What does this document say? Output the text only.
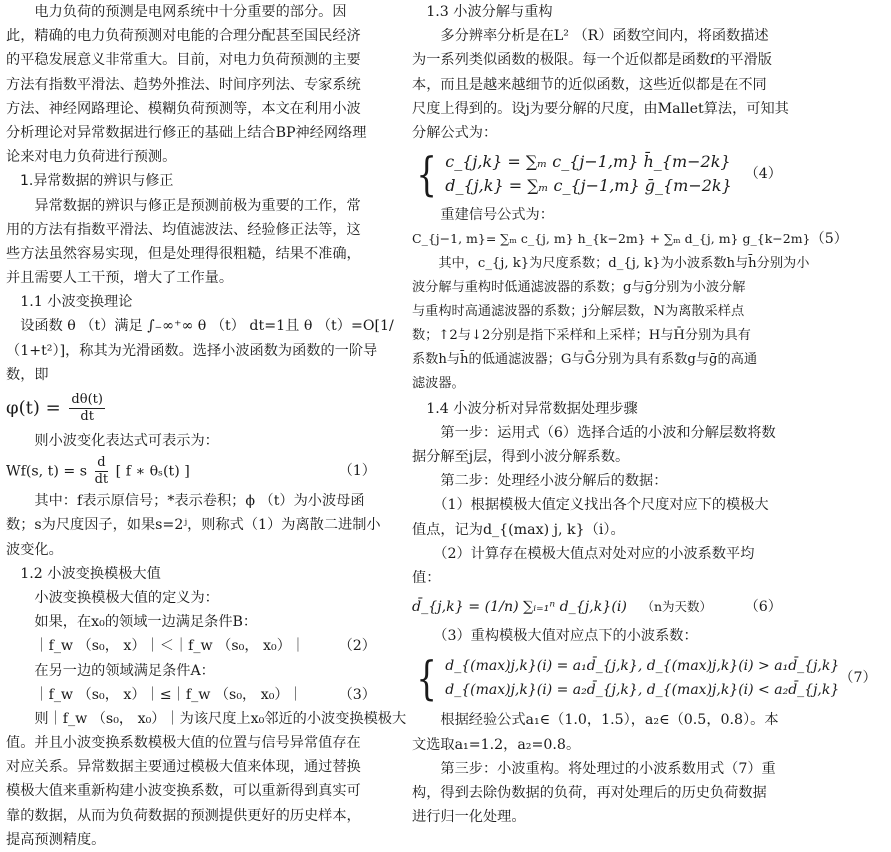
　　电力负荷的预测是电网系统中十分重要的部分。因
此，精确的电力负荷预测对电能的合理分配甚至国民经济
的平稳发展意义非常重大。目前，对电力负荷预测的主要
方法有指数平滑法、趋势外推法、时间序列法、专家系统
方法、神经网路理论、模糊负荷预测等，本文在利用小波
分析理论对异常数据进行修正的基础上结合BP神经网络理
论来对电力负荷进行预测。
　1.异常数据的辨识与修正
　　异常数据的辨识与修正是预测前极为重要的工作，常
用的方法有指数平滑法、均值滤波法、经验修正法等，这
些方法虽然容易实现，但是处理得很粗糙，结果不准确，
并且需要人工干预，增大了工作量。
　1.1 小波变换理论
　设函数 θ （t）满足 ∫₋∞⁺∞ θ （t） dt=1且 θ （t）=O[1/
（1+t²）]，称其为光滑函数。选择小波函数为函数的一阶导
数，即
$\varphi(t) = \frac{d\theta(t)}{dt}$
　　则小波变化表达式可表示为：
Wf(s, t) = s $\frac{d}{dt}$ [ f ∗ θₛ(t) ]	（1）
　　其中：f表示原信号；*表示卷积；ϕ （t）为小波母函
数；s为尺度因子，如果s=2ʲ，则称式（1）为离散二进制小
波变化。
　1.2 小波变换模极大值
　　小波变换模极大值的定义为：
　　如果，在x₀的领域一边满足条件B：
　　｜f_w （s₀， x）｜＜｜f_w （s₀， x₀）｜ （2）
　　在另一边的领域满足条件A：
　　｜f_w （s₀， x）｜≤｜f_w （s₀， x₀）｜	（3）
　　则｜f_w （s₀， x₀）｜为该尺度上x₀邻近的小波变换模极大
值。并且小波变换系数模极大值的位置与信号异常值存在
对应关系。异常数据主要通过模极大值来体现，通过替换
模极大值来重新构建小波变换系数，可以重新得到真实可
靠的数据，从而为负荷数据的预测提供更好的历史样本，
提高预测精度。
　1.3 小波分解与重构
　　多分辨率分析是在L² （R）函数空间内，将函数描述
为一系列类似函数的极限。每一个近似都是函数f的平滑版
本，而且是越来越细节的近似函数，这些近似都是在不同
尺度上得到的。设j为要分解的尺度，由Mallet算法，可知其
分解公式为：
{ c_{j,k} = ∑ₘ c_{j−1,m} h̄_{m−2k}
d_{j,k} = ∑ₘ c_{j−1,m} ḡ_{m−2k}
（4）
　　重建信号公式为：
C_{j−1, m}= ∑ₘ c_{j, m} h_{k−2m} + ∑ₘ d_{j, m} g_{k−2m} （5）
　　其中，c_{j, k}为尺度系数；d_{j, k}为小波系数h与h̄分别为小
波分解与重构时低通滤波器的系数；g与ḡ分别为小波分解
与重构时高通滤波器的系数；j分解层数，N为离散采样点
数；↑2与↓2分别是指下采样和上采样；H与H̄分别为具有
系数h与h̄的低通滤波器；G与Ḡ分别为具有系数g与ḡ的高通
滤波器。
　1.4 小波分析对异常数据处理步骤
　　第一步：运用式（6）选择合适的小波和分解层数将数
据分解至j层，得到小波分解系数。
　　第二步：处理经小波分解后的数据：
　　（1）根据模极大值定义找出各个尺度对应下的模极大
值点，记为d_{(max) j, k}（i）。
　　（2）计算存在模极大值点对处对应的小波系数平均
值：
d̄_{j,k} = (1/n) ∑ᵢ₌₁ⁿ d_{j,k}(i) （n为天数） （6）
　　（3）重构模极大值对应点下的小波系数：
{ d_{(max)j,k}(i) = a₁d̄_{j,k}, d_{(max)j,k}(i) > a₁d̄_{j,k}
d_{(max)j,k}(i) = a₂d̄_{j,k}, d_{(max)j,k}(i) < a₂d̄_{j,k}
（7）
　　根据经验公式a₁∈（1.0，1.5），a₂∈（0.5，0.8）。本
文选取a₁=1.2，a₂=0.8。
　　第三步：小波重构。将处理过的小波系数用式（7）重
构，得到去除伪数据的负荷，再对处理后的历史负荷数据
进行归一化处理。
